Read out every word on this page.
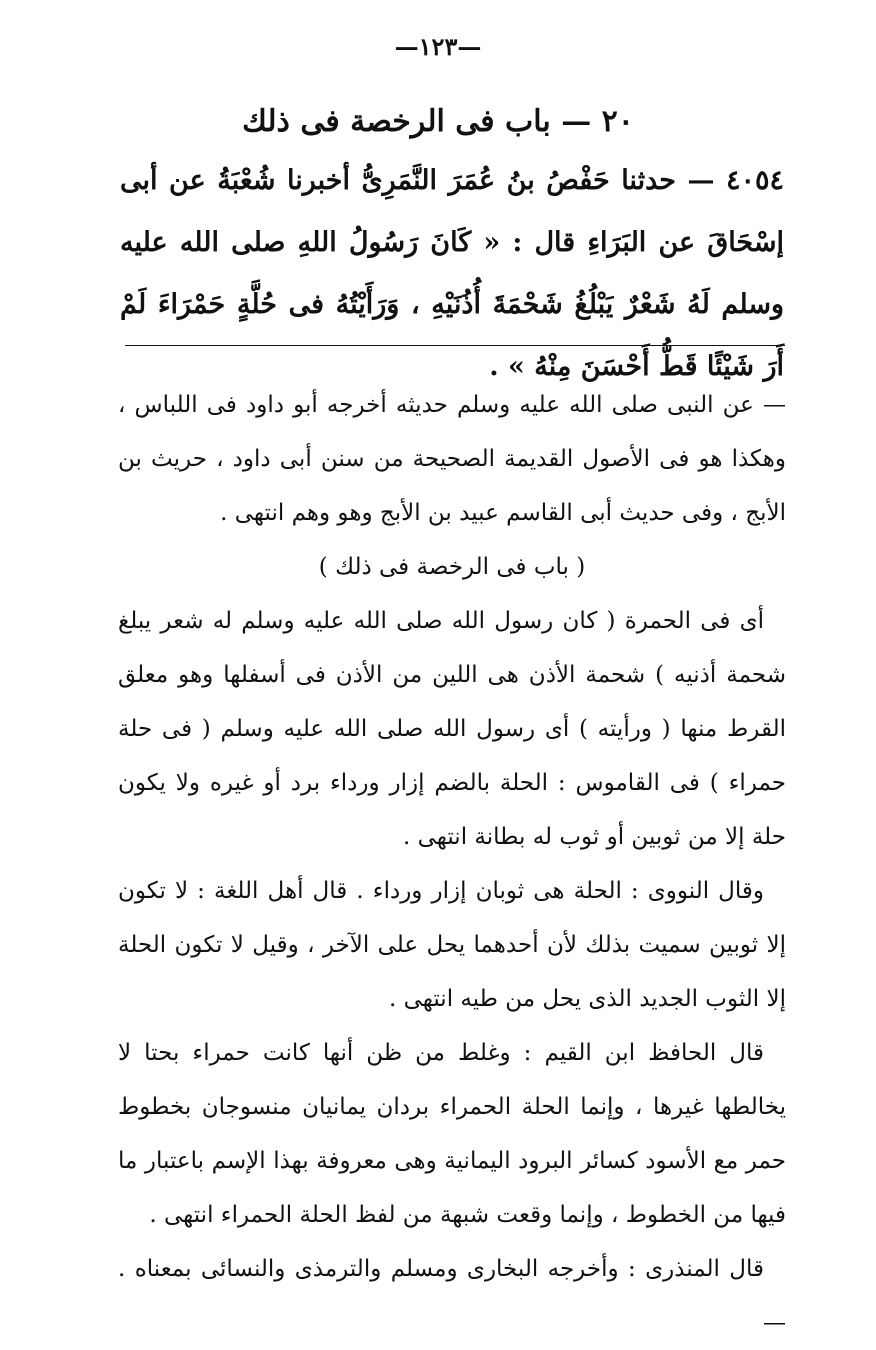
—١٢٣—
٢٠ — باب فى الرخصة فى ذلك
٤٠٥٤ — حدثنا حَفْصُ بنُ عُمَرَ النَّمَرِىُّ أخبرنا شُعْبَةُ عن أبى إسْحَاقَ عن البَرَاءِ قال : « كَانَ رَسُولُ اللهِ صلى الله عليه وسلم لَهُ شَعْرٌ يَبْلُغُ شَحْمَةَ أُذُنَيْهِ ، وَرَأَيْتُهُ فى حُلَّةٍ حَمْرَاءَ لَمْ أَرَ شَيْئًا قَطُّ أَحْسَنَ مِنْهُ » .

— عن النبى صلى الله عليه وسلم حديثه أخرجه أبو داود فى اللباس ، وهكذا هو فى الأصول القديمة الصحيحة من سنن أبى داود ، حريث بن الأبج ، وفى حديث أبى القاسم عبيد بن الأبج وهو وهم انتهى .

( باب فى الرخصة فى ذلك )

أى فى الحمرة ( كان رسول الله صلى الله عليه وسلم له شعر يبلغ شحمة أذنيه ) شحمة الأذن هى اللين من الأذن فى أسفلها وهو معلق القرط منها ( ورأيته ) أى رسول الله صلى الله عليه وسلم ( فى حلة حمراء ) فى القاموس : الحلة بالضم إزار ورداء برد أو غيره ولا يكون حلة إلا من ثوبين أو ثوب له بطانة انتهى .

وقال النووى : الحلة هى ثوبان إزار ورداء . قال أهل اللغة : لا تكون إلا ثوبين سميت بذلك لأن أحدهما يحل على الآخر ، وقيل لا تكون الحلة إلا الثوب الجديد الذى يحل من طيه انتهى .

قال الحافظ ابن القيم : وغلط من ظن أنها كانت حمراء بحتا لا يخالطها غيرها ، وإنما الحلة الحمراء بردان يمانيان منسوجان بخطوط حمر مع الأسود كسائر البرود اليمانية وهى معروفة بهذا الإسم باعتبار ما فيها من الخطوط ، وإنما وقعت شبهة من لفظ الحلة الحمراء انتهى .

قال المنذرى : وأخرجه البخارى ومسلم والترمذى والنسائى بمعناه . —
